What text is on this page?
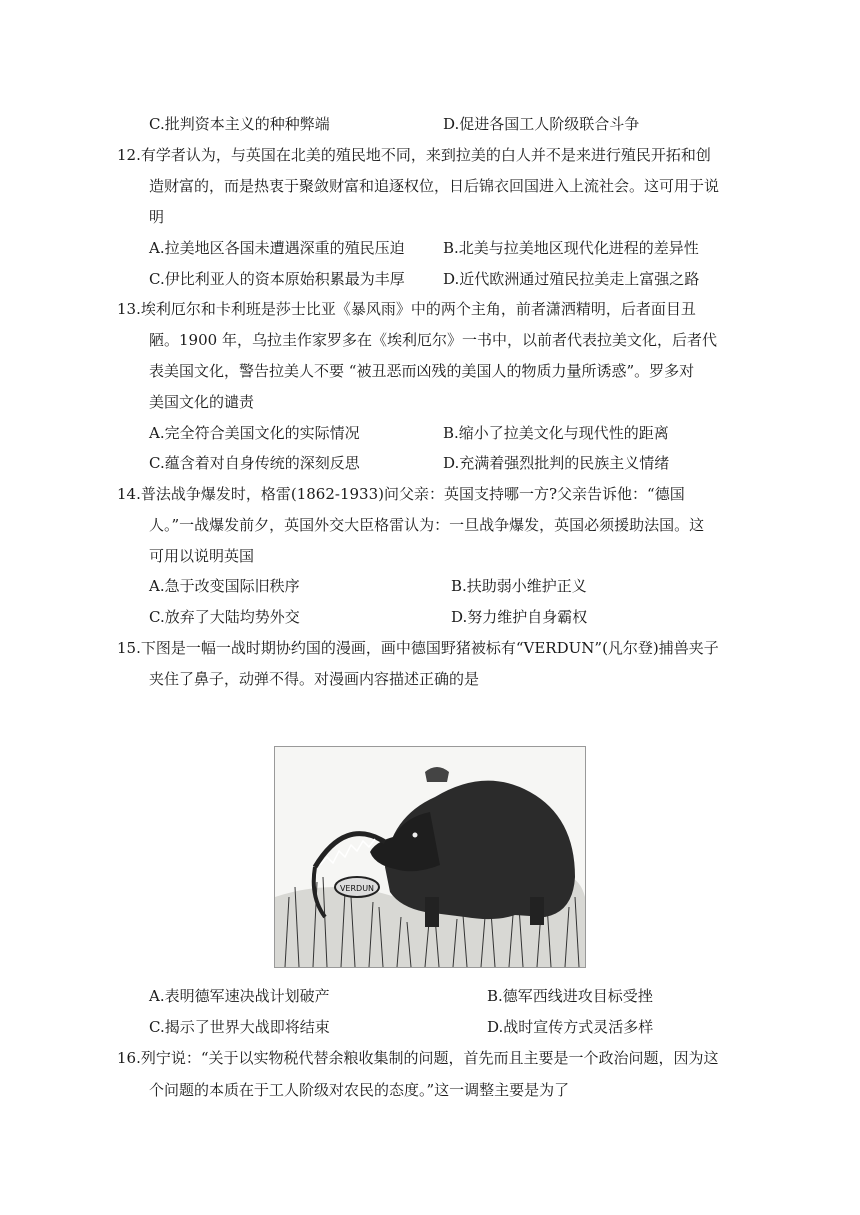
C.批判资本主义的种种弊端	D.促进各国工人阶级联合斗争
12.有学者认为，与英国在北美的殖民地不同，来到拉美的白人并不是来进行殖民开拓和创
造财富的，而是热衷于聚敛财富和追逐权位，日后锦衣回国进入上流社会。这可用于说
明
A.拉美地区各国未遭遇深重的殖民压迫	B.北美与拉美地区现代化进程的差异性
C.伊比利亚人的资本原始积累最为丰厚	D.近代欧洲通过殖民拉美走上富强之路
13.埃利厄尔和卡利班是莎士比亚《暴风雨》中的两个主角，前者潇洒精明，后者面目丑
陋。1900 年，乌拉圭作家罗多在《埃利厄尔》一书中，以前者代表拉美文化，后者代
表美国文化，警告拉美人不要 “被丑恶而凶残的美国人的物质力量所诱惑”。罗多对
美国文化的谴责
A.完全符合美国文化的实际情况	B.缩小了拉美文化与现代性的距离
C.蕴含着对自身传统的深刻反思	D.充满着强烈批判的民族主义情绪
14.普法战争爆发时，格雷(1862-1933)问父亲：英国支持哪一方?父亲告诉他：“德国
人。”一战爆发前夕，英国外交大臣格雷认为：一旦战争爆发，英国必须援助法国。这
可用以说明英国
A.急于改变国际旧秩序	B.扶助弱小维护正义
C.放弃了大陆均势外交	D.努力维护自身霸权
15.下图是一幅一战时期协约国的漫画，画中德国野猪被标有“VERDUN”(凡尔登)捕兽夹子
夹住了鼻子，动弹不得。对漫画内容描述正确的是
VERDUN
A.表明德军速决战计划破产	B.德军西线进攻目标受挫
C.揭示了世界大战即将结束	D.战时宣传方式灵活多样
16.列宁说：“关于以实物税代替余粮收集制的问题，首先而且主要是一个政治问题，因为这
个问题的本质在于工人阶级对农民的态度。”这一调整主要是为了
